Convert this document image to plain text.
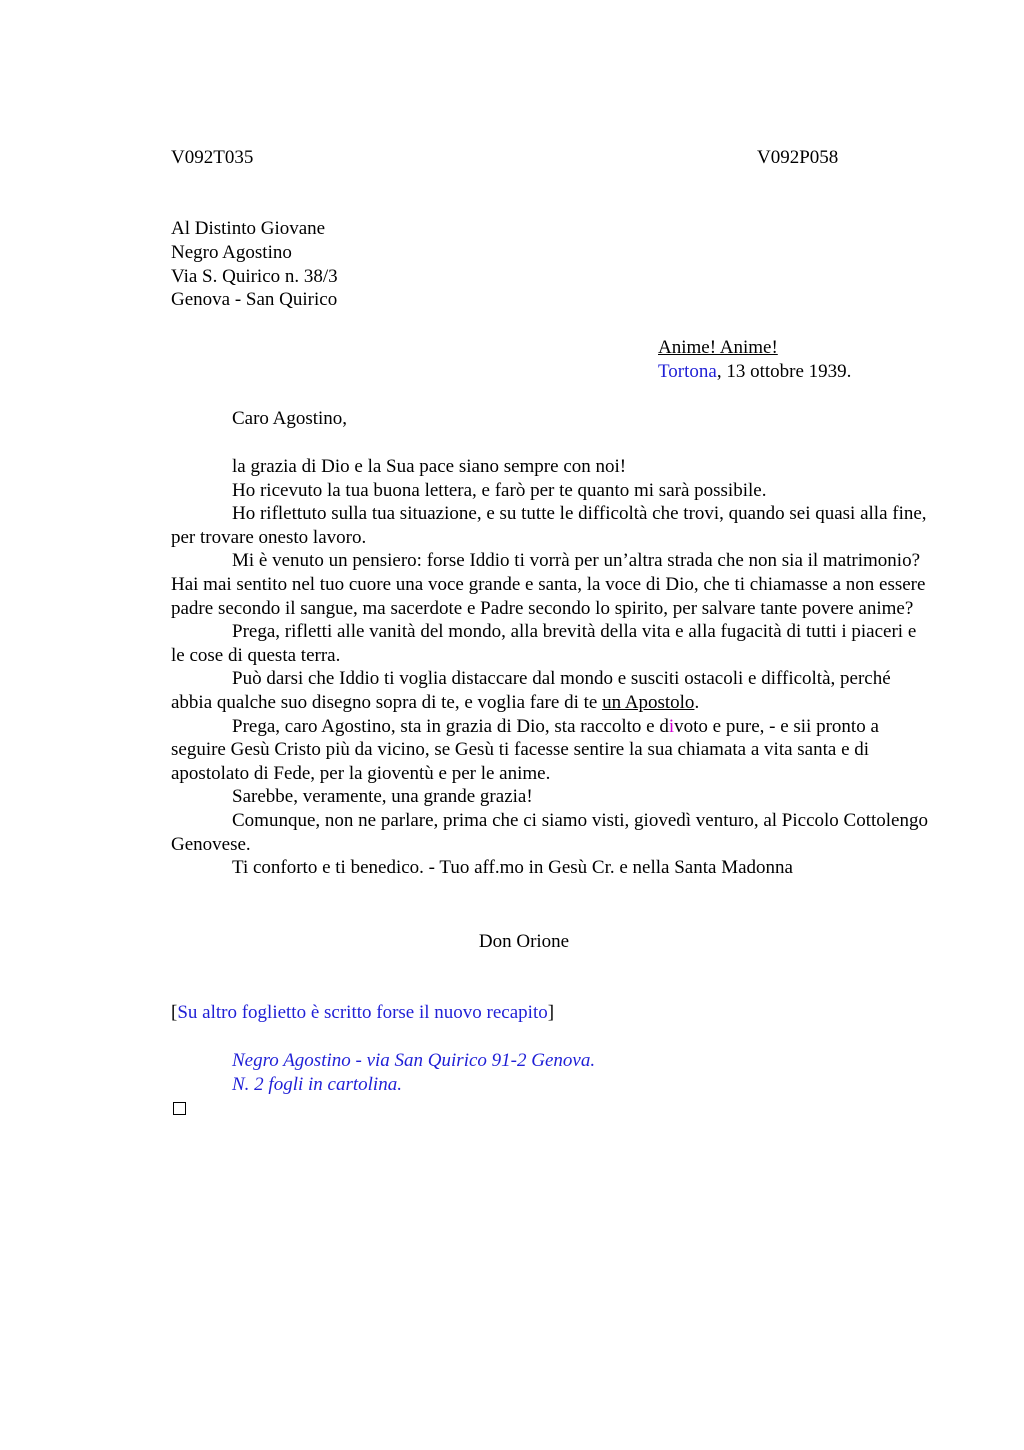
V092T035	V092P058
Al Distinto Giovane
Negro Agostino
Via S. Quirico n. 38/3
Genova - San Quirico
Anime! Anime!
Tortona, 13 ottobre 1939.
Caro Agostino,

la grazia di Dio e la Sua pace siano sempre con noi!

Ho ricevuto la tua buona lettera, e farò per te quanto mi sarà possibile.

Ho riflettuto sulla tua situazione, e su tutte le difficoltà che trovi, quando sei quasi alla fine, per trovare onesto lavoro.

Mi è venuto un pensiero: forse Iddio ti vorrà per un’altra strada che non sia il matrimonio? Hai mai sentito nel tuo cuore una voce grande e santa, la voce di Dio, che ti chiamasse a non essere padre secondo il sangue, ma sacerdote e Padre secondo lo spirito, per salvare tante povere anime?

Prega, rifletti alle vanità del mondo, alla brevità della vita e alla fugacità di tutti i piaceri e le cose di questa terra.

Può darsi che Iddio ti voglia distaccare dal mondo e susciti ostacoli e difficoltà, perché abbia qualche suo disegno sopra di te, e voglia fare di te un Apostolo.

Prega, caro Agostino, sta in grazia di Dio, sta raccolto e divoto e pure, - e sii pronto a seguire Gesù Cristo più da vicino, se Gesù ti facesse sentire la sua chiamata a vita santa e di apostolato di Fede, per la gioventù e per le anime.

Sarebbe, veramente, una grande grazia!

Comunque, non ne parlare, prima che ci siamo visti, giovedì venturo, al Piccolo Cottolengo Genovese.

Ti conforto e ti benedico. - Tuo aff.mo in Gesù Cr. e nella Santa Madonna

Don Orione
[Su altro foglietto è scritto forse il nuovo recapito]
Negro Agostino - via San Quirico 91-2 Genova.
N. 2 fogli in cartolina.
